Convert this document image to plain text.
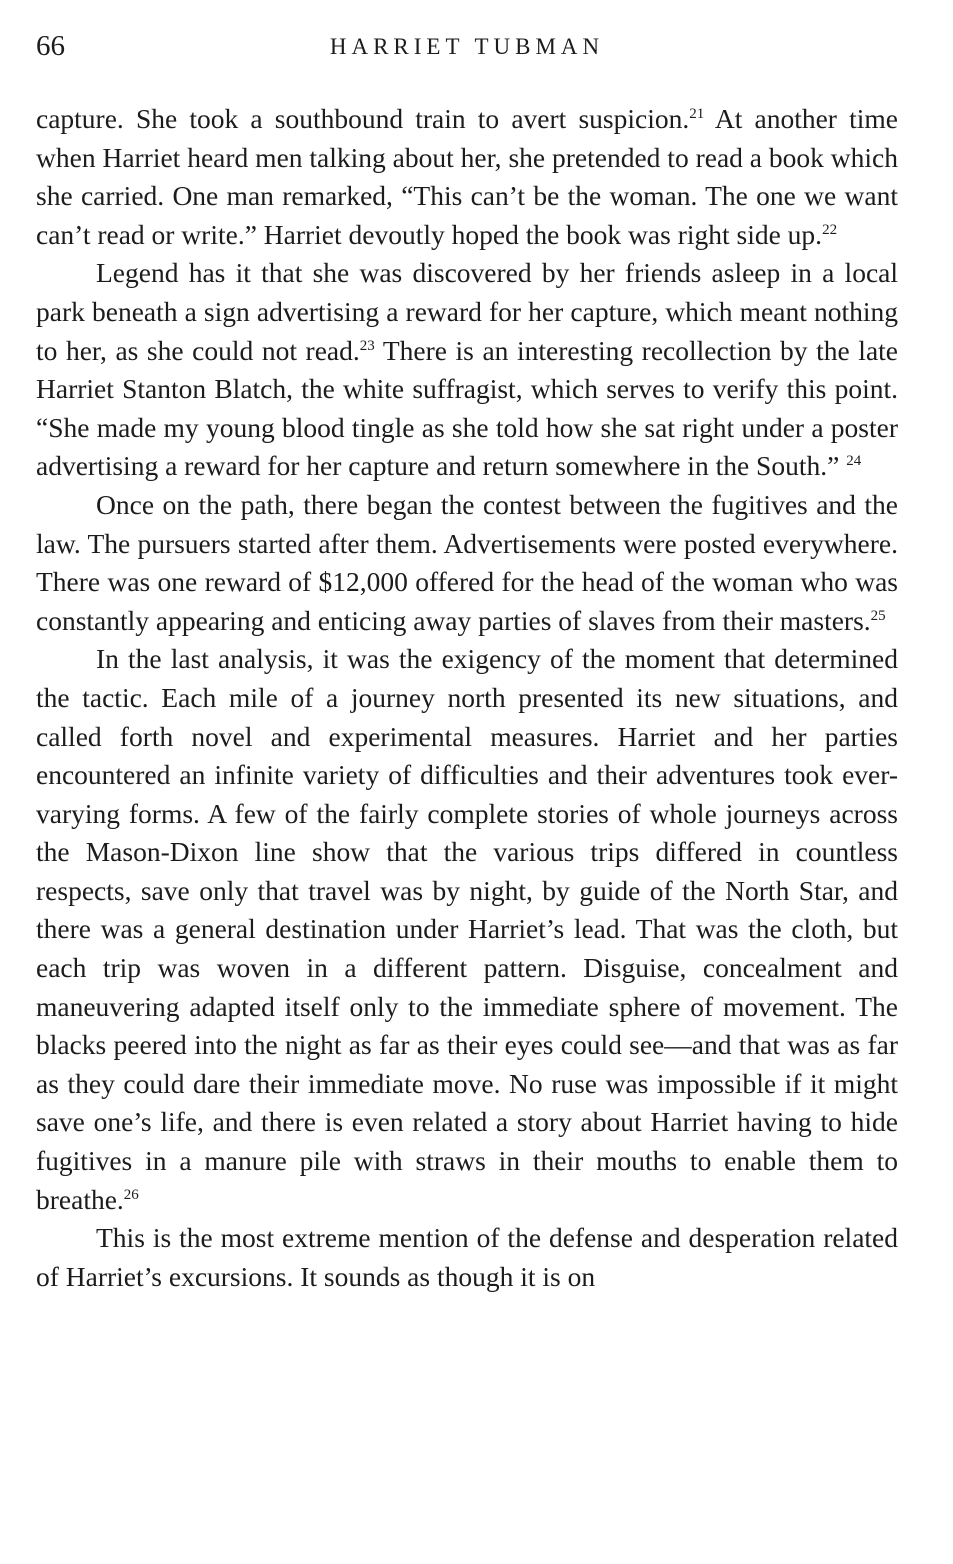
66	HARRIET TUBMAN

capture. She took a southbound train to avert suspicion.$^{21}$ At another time when Harriet heard men talking about her, she pretended to read a book which she carried. One man remarked, “This can’t be the woman. The one we want can’t read or write.” Harriet devoutly hoped the book was right side up.$^{22}$

Legend has it that she was discovered by her friends asleep in a local park beneath a sign advertising a reward for her capture, which meant nothing to her, as she could not read.$^{23}$ There is an interesting recollection by the late Harriet Stanton Blatch, the white suffragist, which serves to verify this point. “She made my young blood tingle as she told how she sat right under a poster advertising a reward for her capture and return somewhere in the South.” $^{24}$

Once on the path, there began the contest between the fugitives and the law. The pursuers started after them. Advertisements were posted everywhere. There was one reward of $12,000 offered for the head of the woman who was constantly appearing and enticing away parties of slaves from their masters.$^{25}$

In the last analysis, it was the exigency of the moment that determined the tactic. Each mile of a journey north presented its new situations, and called forth novel and experimental measures. Harriet and her parties encountered an infinite variety of difficulties and their adventures took ever-varying forms. A few of the fairly complete stories of whole journeys across the Mason-Dixon line show that the various trips differed in countless respects, save only that travel was by night, by guide of the North Star, and there was a general destination under Harriet’s lead. That was the cloth, but each trip was woven in a different pattern. Disguise, concealment and maneuvering adapted itself only to the immediate sphere of movement. The blacks peered into the night as far as their eyes could see—and that was as far as they could dare their immediate move. No ruse was impossible if it might save one’s life, and there is even related a story about Harriet having to hide fugitives in a manure pile with straws in their mouths to enable them to breathe.$^{26}$

This is the most extreme mention of the defense and desperation related of Harriet’s excursions. It sounds as though it is on
